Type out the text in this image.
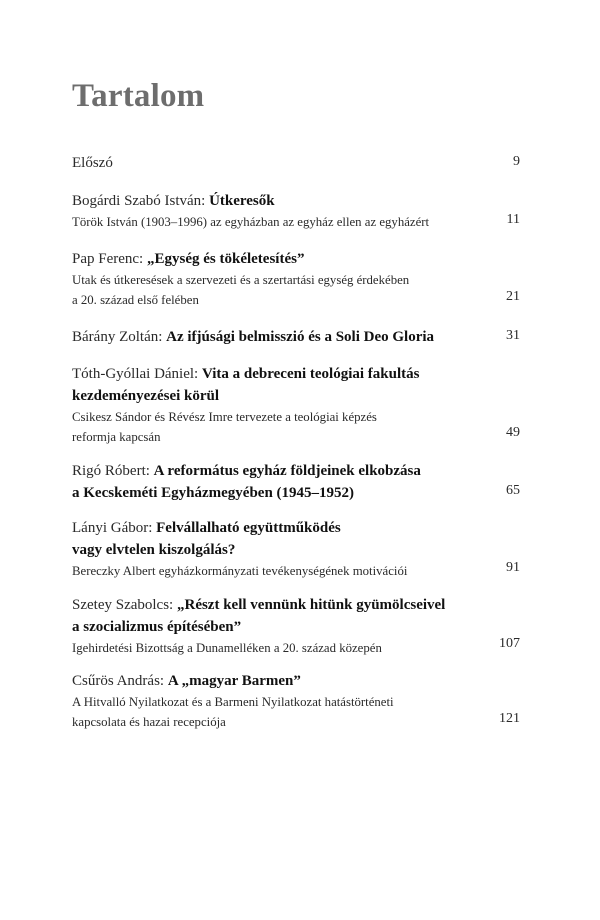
Tartalom
Előszó	9
Bogárdi Szabó István: Útkeresők
Török István (1903–1996) az egyházban az egyház ellen az egyházért	11
Pap Ferenc: „Egység és tökéletesítés”
Utak és útkeresések a szervezeti és a szertartási egység érdekében
a 20. század első felében	21
Bárány Zoltán: Az ifjúsági belmisszió és a Soli Deo Gloria	31
Tóth-Gyóllai Dániel: Vita a debreceni teológiai fakultás
kezdeményezései körül
Csikesz Sándor és Révész Imre tervezete a teológiai képzés
reformja kapcsán	49
Rigó Róbert: A református egyház földjeinek elkobzása
a Kecskeméti Egyházmegyében (1945–1952)	65
Lányi Gábor: Felvállalható együttműködés
vagy elvtelen kiszolgálás?
Bereczky Albert egyházkormányzati tevékenységének motivációi	91
Szetey Szabolcs: „Részt kell vennünk hitünk gyümölcseivel
a szocializmus építésében”
Igehirdetési Bizottság a Dunamelléken a 20. század közepén	107
Csűrös András: A „magyar Barmen”
A Hitvalló Nyilatkozat és a Barmeni Nyilatkozat hatástörténeti
kapcsolata és hazai recepciója	121
